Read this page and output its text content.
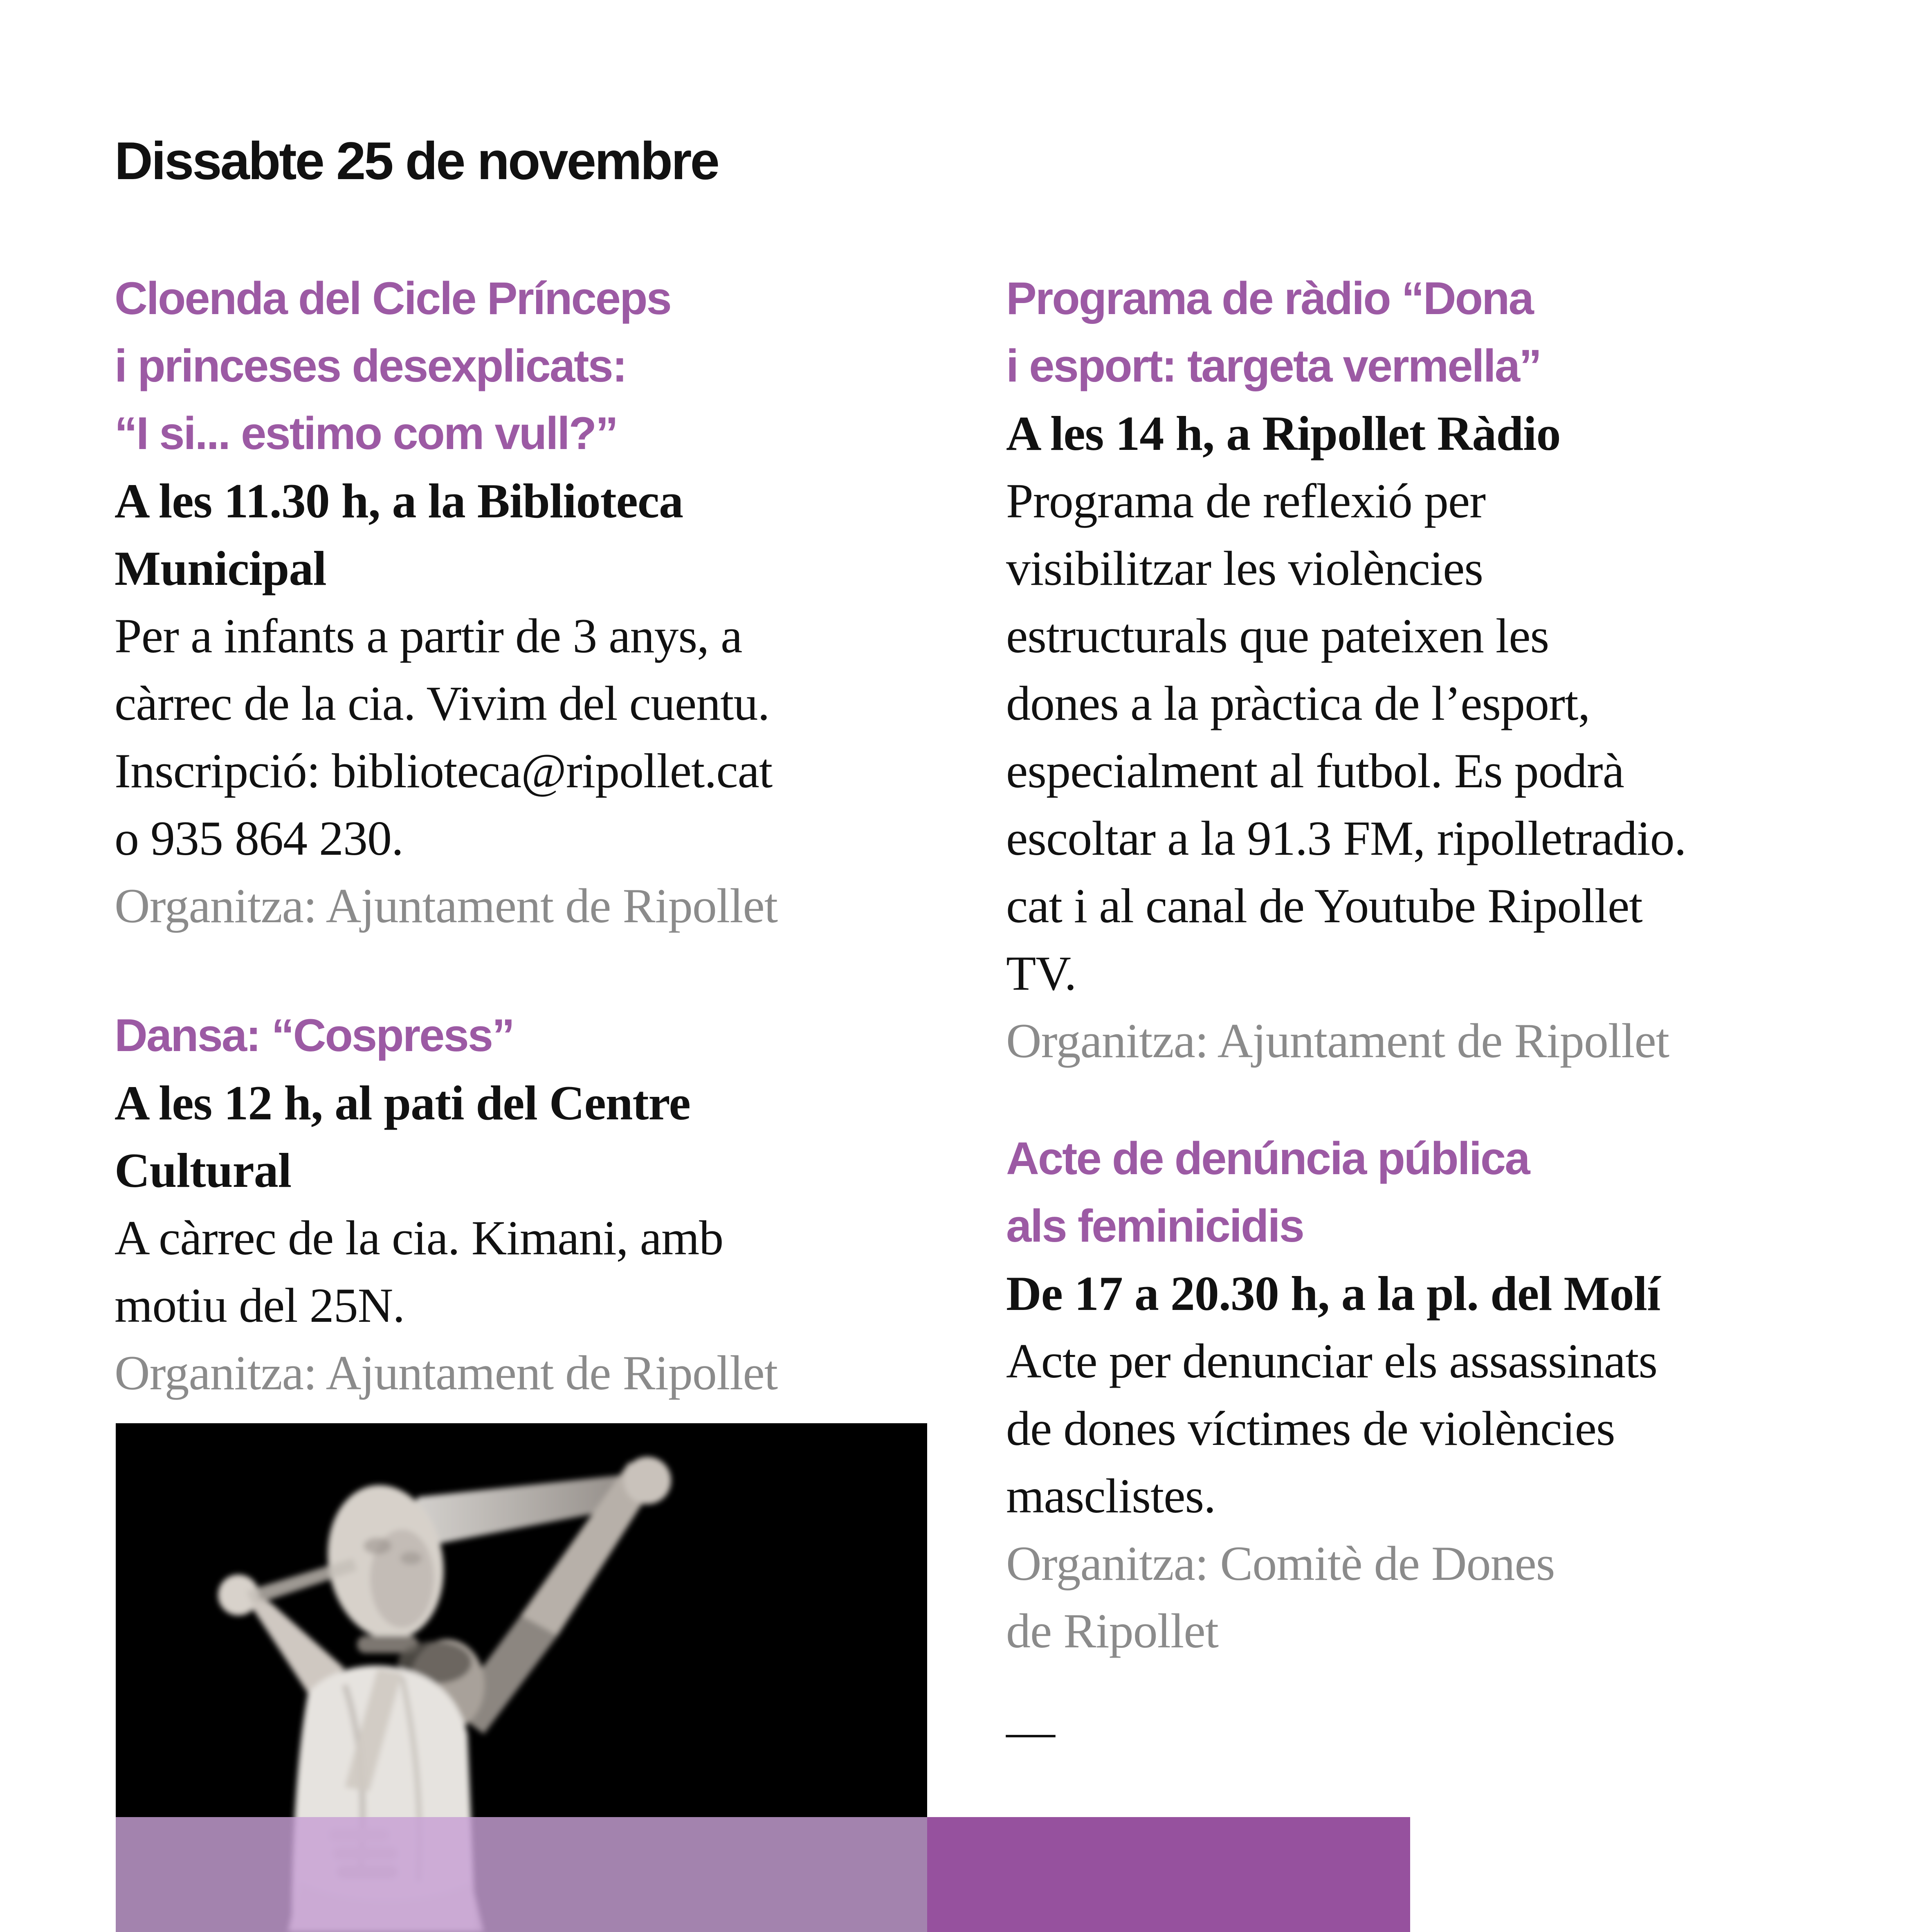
Dissabte 25 de novembre
Cloenda del Cicle Prínceps
i princeses desexplicats:
“I si... estimo com vull?”
A les 11.30 h, a la Biblioteca
Municipal
Per a infants a partir de 3 anys, a
càrrec de la cia. Vivim del cuentu.
Inscripció: biblioteca@ripollet.cat
o 935 864 230.
Organitza: Ajuntament de Ripollet
Dansa: “Cospress”
A les 12 h, al pati del Centre
Cultural
A càrrec de la cia. Kimani, amb
motiu del 25N.
Organitza: Ajuntament de Ripollet
Programa de ràdio “Dona
i esport: targeta vermella”
A les 14 h, a Ripollet Ràdio
Programa de reflexió per
visibilitzar les violències
estructurals que pateixen les
dones a la pràctica de l’esport,
especialment al futbol. Es podrà
escoltar a la 91.3 FM, ripolletradio.
cat i al canal de Youtube Ripollet
TV.
Organitza: Ajuntament de Ripollet
Acte de denúncia pública
als feminicidis
De 17 a 20.30 h, a la pl. del Molí
Acte per denunciar els assassinats
de dones víctimes de violències
masclistes.
Organitza: Comitè de Dones
de Ripollet
—
